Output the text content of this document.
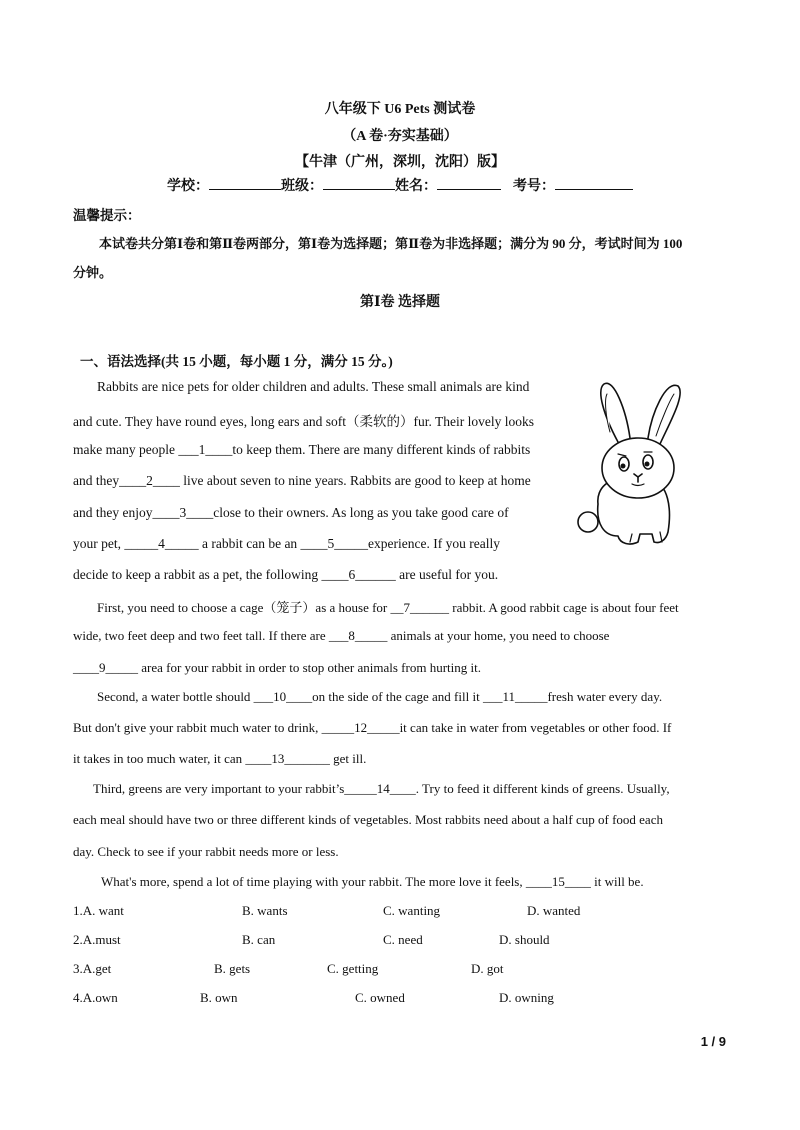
八年级下 U6 Pets 测试卷
（A 卷·夯实基础）
【牛津（广州，深圳，沈阳）版】
学校：	班级：	姓名：	考号：
温馨提示：
本试卷共分第Ⅰ卷和第Ⅱ卷两部分，第Ⅰ卷为选择题；第Ⅱ卷为非选择题；满分为 90 分，考试时间为 100
分钟。
第Ⅰ卷 选择题
一、语法选择(共 15 小题，每小题 1 分，满分 15 分。)
Rabbits are nice pets for older children and adults. These small animals are kind
and cute. They have round eyes, long ears and soft（柔软的）fur. Their lovely looks
make many people ___1____to keep them. There are many different kinds of rabbits
and they____2____ live about seven to nine years. Rabbits are good to keep at home
and they enjoy____3____close to their owners. As long as you take good care of
your pet, _____4_____ a rabbit can be an ____5_____experience. If you really
decide to keep a rabbit as a pet, the following ____6______ are useful for you.
First, you need to choose a cage（笼子）as a house for __7______ rabbit. A good rabbit cage is about four feet
wide, two feet deep and two feet tall. If there are ___8_____ animals at your home, you need to choose
____9_____ area for your rabbit in order to stop other animals from hurting it.
Second, a water bottle should ___10____on the side of the cage and fill it ___11_____fresh water every day.
But don't give your rabbit much water to drink, _____12_____it can take in water from vegetables or other food. If
it takes in too much water, it can ____13_______ get ill.
Third, greens are very important to your rabbit’s_____14____. Try to feed it different kinds of greens. Usually,
each meal should have two or three different kinds of vegetables. Most rabbits need about a half cup of food each
day. Check to see if your rabbit needs more or less.
What's more, spend a lot of time playing with your rabbit. The more love it feels, ____15____ it will be.
1.A. want	B. wants	C. wanting	D. wanted
2.A.must	B. can	C. need	D. should
3.A.get	B. gets	C. getting	D. got
4.A.own	B. own	C. owned	D. owning
1 / 9
